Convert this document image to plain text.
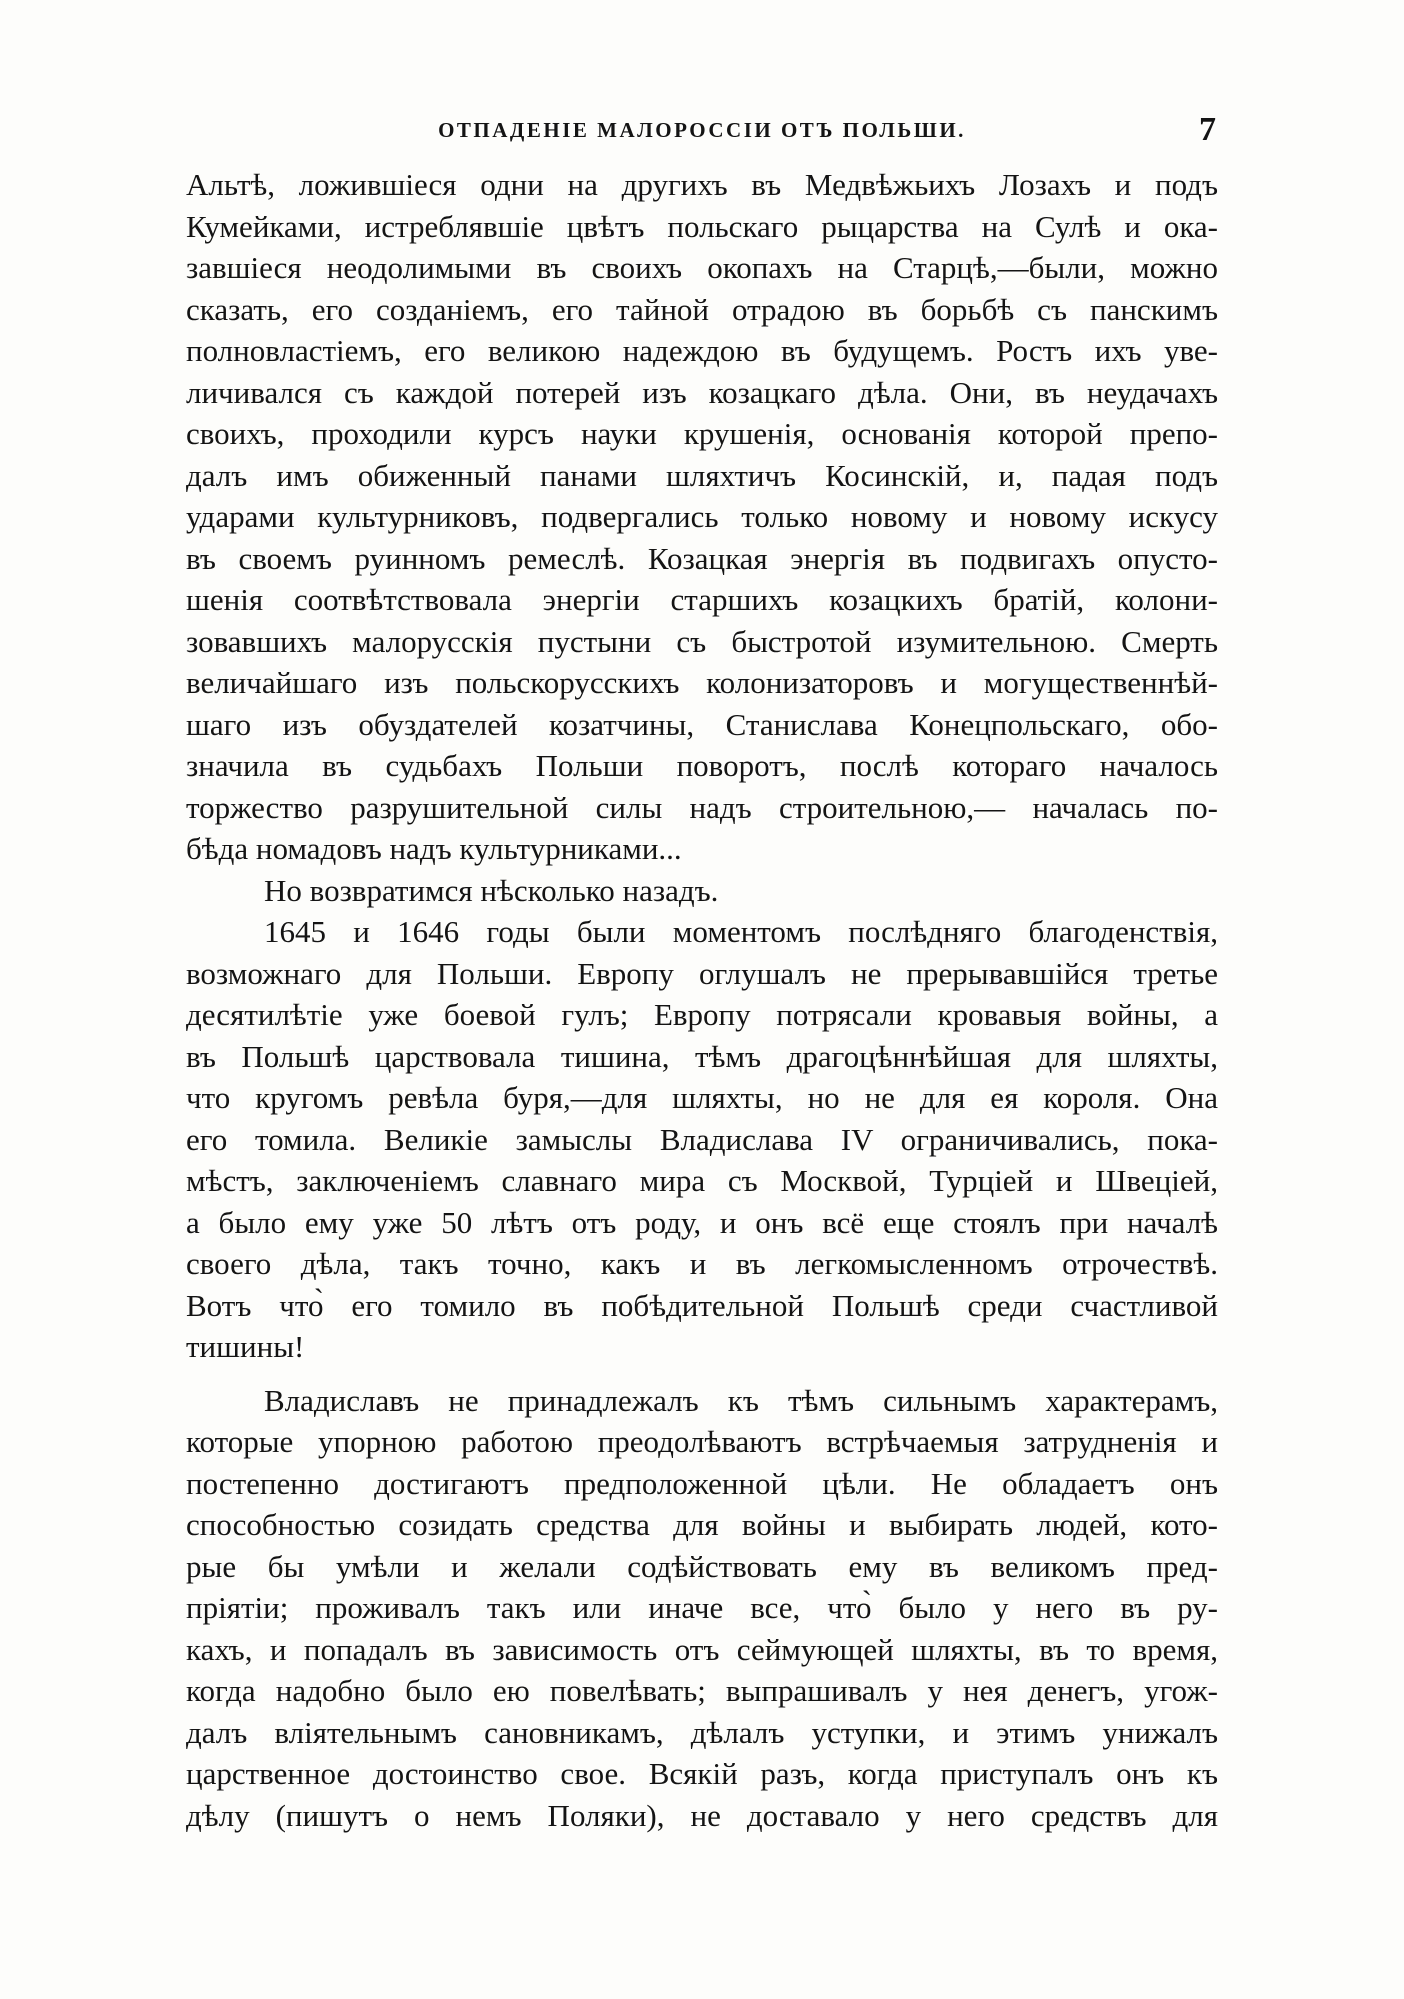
ОТПАДЕНІЕ МАЛОРОССІИ ОТЪ ПОЛЬШИ.	7
Альтѣ, ложившіеся одни на другихъ въ Медвѣжьихъ Лозахъ и подъ
Кумейками, истреблявшіе цвѣтъ польскаго рыцарства на Сулѣ и ока-
завшіеся неодолимыми въ своихъ окопахъ на Старцѣ,—были, можно
сказать, его созданіемъ, его тайной отрадою въ борьбѣ съ панскимъ
полновластіемъ, его великою надеждою въ будущемъ. Ростъ ихъ уве-
личивался съ каждой потерей изъ козацкаго дѣла. Они, въ неудачахъ
своихъ, проходили курсъ науки крушенія, основанія которой препо-
далъ имъ обиженный панами шляхтичъ Косинскій, и, падая подъ
ударами культурниковъ, подвергались только новому и новому искусу
въ своемъ руинномъ ремеслѣ. Козацкая энергія въ подвигахъ опусто-
шенія соотвѣтствовала энергіи старшихъ козацкихъ братій, колони-
зовавшихъ малорусскія пустыни съ быстротой изумительною. Смерть
величайшаго изъ польскорусскихъ колонизаторовъ и могущественнѣй-
шаго изъ обуздателей козатчины, Станислава Конецпольскаго, обо-
значила въ судьбахъ Польши поворотъ, послѣ котораго началось
торжество разрушительной силы надъ строительною,— началась по-
бѣда номадовъ надъ культурниками...
Но возвратимся нѣсколько назадъ.
1645 и 1646 годы были моментомъ послѣдняго благоденствія,
возможнаго для Польши. Европу оглушалъ не прерывавшійся третье
десятилѣтіе уже боевой гулъ; Европу потрясали кровавыя войны, а
въ Польшѣ царствовала тишина, тѣмъ драгоцѣннѣйшая для шляхты,
что кругомъ ревѣла буря,—для шляхты, но не для ея короля. Она
его томила. Великіе замыслы Владислава IV ограничивались, пока-
мѣстъ, заключеніемъ славнаго мира съ Москвой, Турціей и Швеціей,
а было ему уже 50 лѣтъ отъ роду, и онъ всё еще стоялъ при началѣ
своего дѣла, такъ точно, какъ и въ легкомысленномъ отрочествѣ.
Вотъ что̀ его томило въ побѣдительной Польшѣ среди счастливой
тишины!
Владиславъ не принадлежалъ къ тѣмъ сильнымъ характерамъ,
которые упорною работою преодолѣваютъ встрѣчаемыя затрудненія и
постепенно достигаютъ предположенной цѣли. Не обладаетъ онъ
способностью созидать средства для войны и выбирать людей, кото-
рые бы умѣли и желали содѣйствовать ему въ великомъ пред-
пріятіи; проживалъ такъ или иначе все, что̀ было у него въ ру-
кахъ, и попадалъ въ зависимость отъ сеймующей шляхты, въ то время,
когда надобно было ею повелѣвать; выпрашивалъ у нея денегъ, угож-
далъ вліятельнымъ сановникамъ, дѣлалъ уступки, и этимъ унижалъ
царственное достоинство свое. Всякій разъ, когда приступалъ онъ къ
дѣлу (пишутъ о немъ Поляки), не доставало у него средствъ для
